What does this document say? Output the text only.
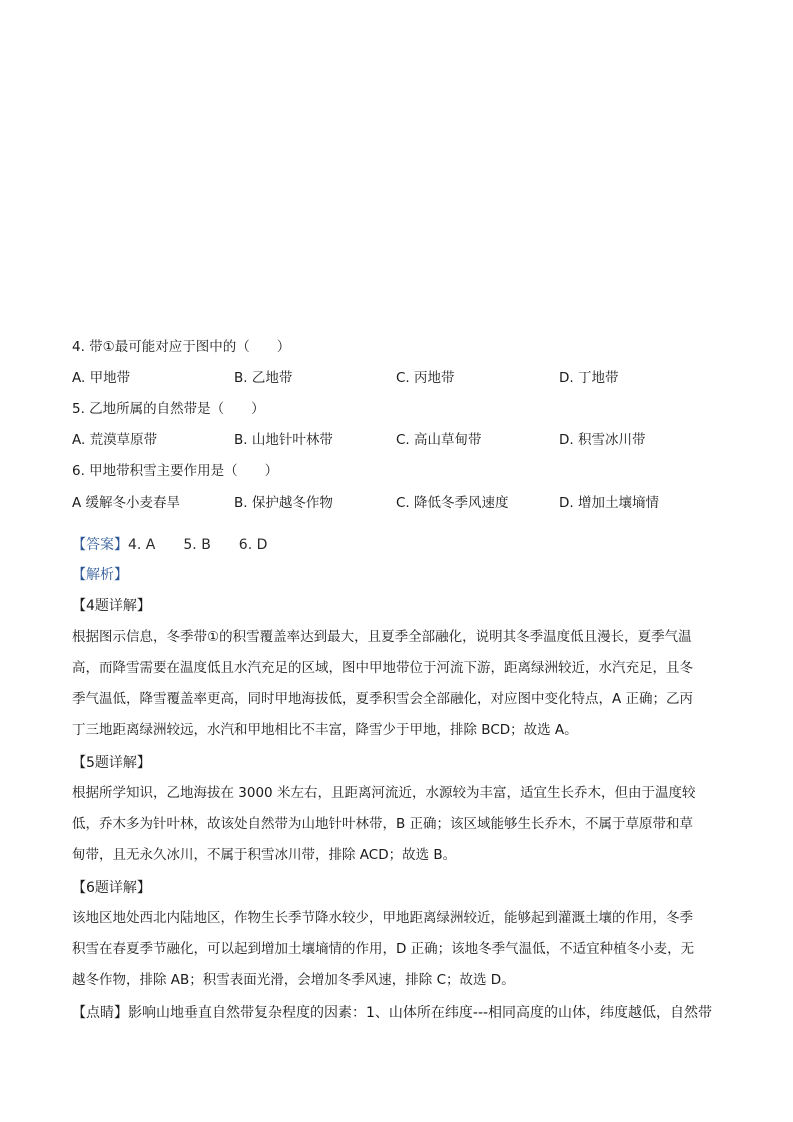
4. 带①最可能对应于图中的（　　）
A. 甲地带	B. 乙地带	C. 丙地带	D. 丁地带
5. 乙地所属的自然带是（　　）
A. 荒漠草原带	B. 山地针叶林带	C. 高山草甸带	D. 积雪冰川带
6. 甲地带积雪主要作用是（　　）
A 缓解冬小麦春旱	B. 保护越冬作物	C. 降低冬季风速度	D. 增加土壤墒情
【答案】4. A　　5. B　　6. D
【解析】
【4题详解】
根据图示信息，冬季带①的积雪覆盖率达到最大，且夏季全部融化，说明其冬季温度低且漫长，夏季气温
高，而降雪需要在温度低且水汽充足的区域，图中甲地带位于河流下游，距离绿洲较近，水汽充足，且冬
季气温低，降雪覆盖率更高，同时甲地海拔低，夏季积雪会全部融化，对应图中变化特点，A 正确；乙丙
丁三地距离绿洲较远，水汽和甲地相比不丰富，降雪少于甲地，排除 BCD；故选 A。
【5题详解】
根据所学知识，乙地海拔在 3000 米左右，且距离河流近，水源较为丰富，适宜生长乔木，但由于温度较
低，乔木多为针叶林，故该处自然带为山地针叶林带，B 正确；该区域能够生长乔木，不属于草原带和草
甸带，且无永久冰川，不属于积雪冰川带，排除 ACD；故选 B。
【6题详解】
该地区地处西北内陆地区，作物生长季节降水较少，甲地距离绿洲较近，能够起到灌溉土壤的作用，冬季
积雪在春夏季节融化，可以起到增加土壤墒情的作用，D 正确；该地冬季气温低，不适宜种植冬小麦，无
越冬作物，排除 AB；积雪表面光滑，会增加冬季风速，排除 C；故选 D。
【点睛】影响山地垂直自然带复杂程度的因素：1、山体所在纬度---相同高度的山体，纬度越低，自然带
